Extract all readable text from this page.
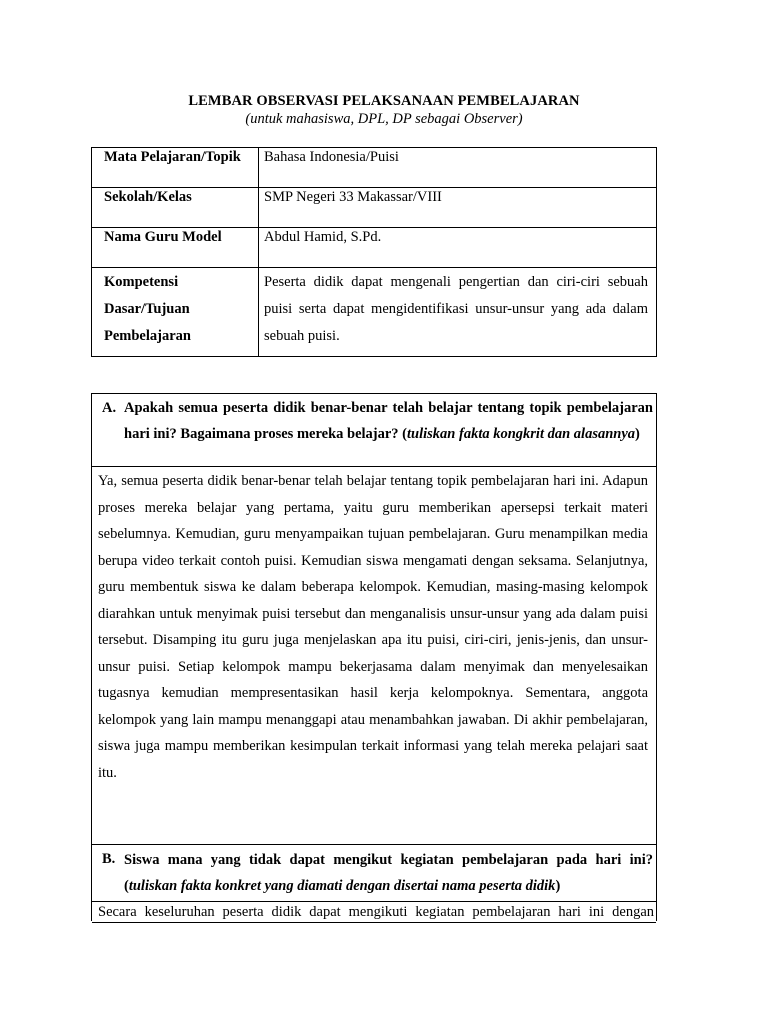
LEMBAR OBSERVASI PELAKSANAAN PEMBELAJARAN
(untuk mahasiswa, DPL, DP sebagai Observer)
Mata Pelajaran/Topik	Bahasa Indonesia/Puisi
Sekolah/Kelas	SMP Negeri 33 Makassar/VIII
Nama Guru Model	Abdul Hamid, S.Pd.

Kompetensi
Dasar/Tujuan
Pembelajaran	Peserta didik dapat mengenali pengertian dan ciri-ciri sebuah puisi serta dapat mengidentifikasi unsur-unsur yang ada dalam sebuah puisi.
A. Apakah semua peserta didik benar-benar telah belajar tentang topik pembelajaran hari ini? Bagaimana proses mereka belajar? (tuliskan fakta kongkrit dan alasannya)
Ya, semua peserta didik benar-benar telah belajar tentang topik pembelajaran hari ini. Adapun proses mereka belajar yang pertama, yaitu guru memberikan apersepsi terkait materi sebelumnya. Kemudian, guru menyampaikan tujuan pembelajaran. Guru menampilkan media berupa video terkait contoh puisi. Kemudian siswa mengamati dengan seksama. Selanjutnya, guru membentuk siswa ke dalam beberapa kelompok. Kemudian, masing-masing kelompok diarahkan untuk menyimak puisi tersebut dan menganalisis unsur-unsur yang ada dalam puisi tersebut. Disamping itu guru juga menjelaskan apa itu puisi, ciri-ciri, jenis-jenis, dan unsur-unsur puisi. Setiap kelompok mampu bekerjasama dalam menyimak dan menyelesaikan tugasnya kemudian mempresentasikan hasil kerja kelompoknya. Sementara, anggota kelompok yang lain mampu menanggapi atau menambahkan jawaban. Di akhir pembelajaran, siswa juga mampu memberikan kesimpulan terkait informasi yang telah mereka pelajari saat itu.
B. Siswa mana yang tidak dapat mengikut kegiatan pembelajaran pada hari ini? (tuliskan fakta konkret yang diamati dengan disertai nama peserta didik)
Secara keseluruhan peserta didik dapat mengikuti kegiatan pembelajaran hari ini dengan
